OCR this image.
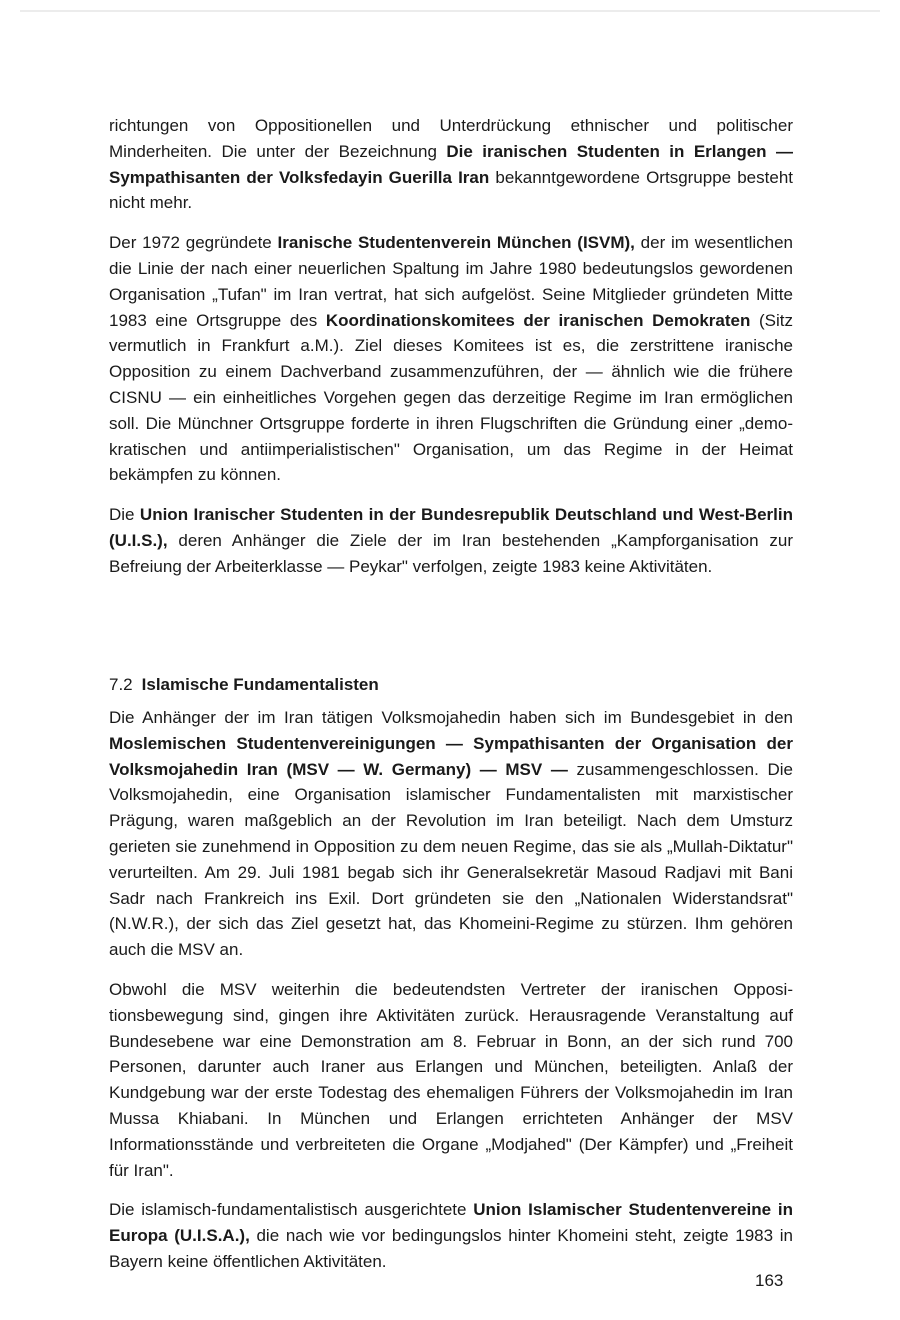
richtungen von Oppositionellen und Unterdrückung ethnischer und politischer Minderheiten. Die unter der Bezeichnung Die iranischen Studenten in Erlangen — Sympathisanten der Volksfedayin Guerilla Iran bekanntgewordene Ortsgruppe besteht nicht mehr.

Der 1972 gegründete Iranische Studentenverein München (ISVM), der im wesentlichen die Linie der nach einer neuerlichen Spaltung im Jahre 1980 bedeutungslos gewordenen Organisation „Tufan" im Iran vertrat, hat sich aufgelöst. Seine Mitglieder gründeten Mitte 1983 eine Ortsgruppe des Koordinationskomitees der iranischen Demokraten (Sitz vermutlich in Frankfurt a.M.). Ziel dieses Komitees ist es, die zerstrittene iranische Opposition zu einem Dachverband zusammenzuführen, der — ähnlich wie die frühere CISNU — ein einheitliches Vorgehen gegen das derzeitige Regime im Iran ermöglichen soll. Die Münchner Ortsgruppe forderte in ihren Flugschriften die Gründung einer „demokratischen und antiimperialistischen" Organisation, um das Regime in der Heimat bekämpfen zu können.

Die Union Iranischer Studenten in der Bundesrepublik Deutschland und West-Berlin (U.I.S.), deren Anhänger die Ziele der im Iran bestehenden „Kampforganisation zur Befreiung der Arbeiterklasse — Peykar" verfolgen, zeigte 1983 keine Aktivitäten.

7.2 Islamische Fundamentalisten

Die Anhänger der im Iran tätigen Volksmojahedin haben sich im Bundesgebiet in den Moslemischen Studentenvereinigungen — Sympathisanten der Organisation der Volksmojahedin Iran (MSV — W. Germany) — MSV — zusammengeschlossen. Die Volksmojahedin, eine Organisation islamischer Fundamentalisten mit marxistischer Prägung, waren maßgeblich an der Revolution im Iran beteiligt. Nach dem Umsturz gerieten sie zunehmend in Opposition zu dem neuen Regime, das sie als „Mullah-Diktatur" verurteilten. Am 29. Juli 1981 begab sich ihr Generalsekretär Masoud Radjavi mit Bani Sadr nach Frankreich ins Exil. Dort gründeten sie den „Nationalen Widerstandsrat" (N.W.R.), der sich das Ziel gesetzt hat, das Khomeini-Regime zu stürzen. Ihm gehören auch die MSV an.

Obwohl die MSV weiterhin die bedeutendsten Vertreter der iranischen Oppositionsbewegung sind, gingen ihre Aktivitäten zurück. Herausragende Veranstaltung auf Bundesebene war eine Demonstration am 8. Februar in Bonn, an der sich rund 700 Personen, darunter auch Iraner aus Erlangen und München, beteiligten. Anlaß der Kundgebung war der erste Todestag des ehemaligen Führers der Volksmojahedin im Iran Mussa Khiabani. In München und Erlangen errichteten Anhänger der MSV Informationsstände und verbreiteten die Organe „Modjahed" (Der Kämpfer) und „Freiheit für Iran".

Die islamisch-fundamentalistisch ausgerichtete Union Islamischer Studentenvereine in Europa (U.I.S.A.), die nach wie vor bedingungslos hinter Khomeini steht, zeigte 1983 in Bayern keine öffentlichen Aktivitäten.

163
